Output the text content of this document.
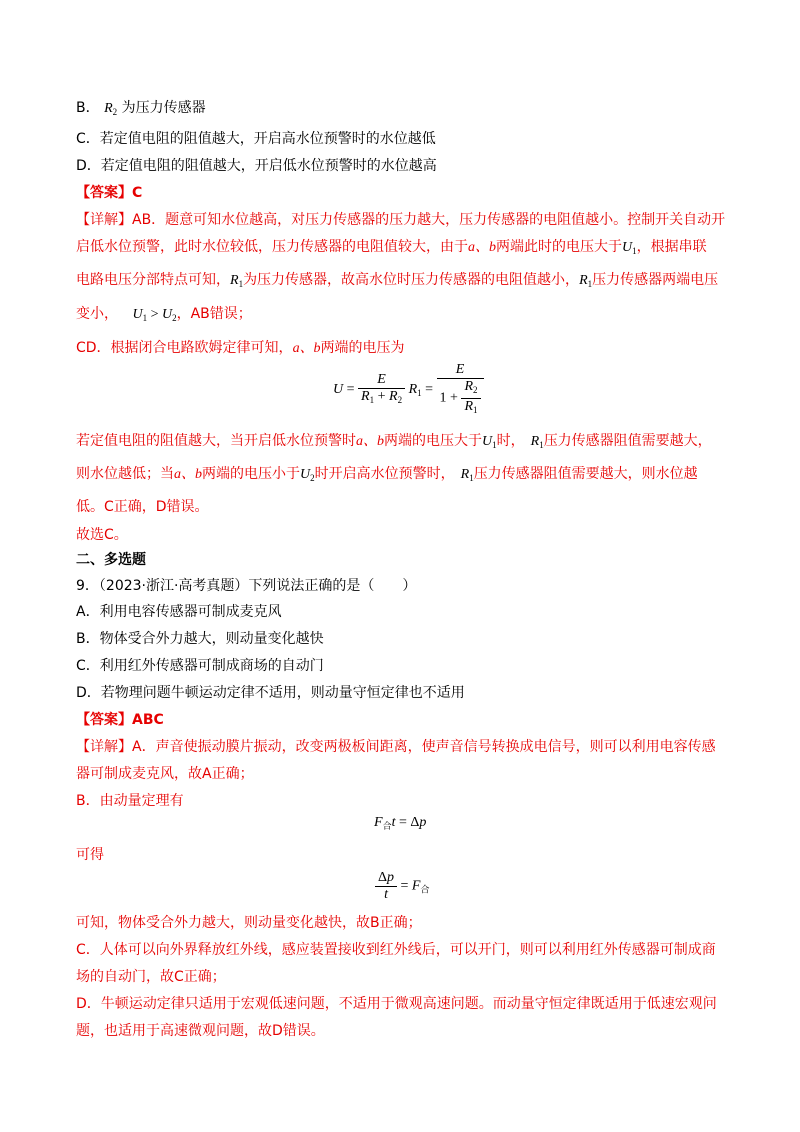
B． $R_2$ 为压力传感器
C．若定值电阻的阻值越大，开启高水位预警时的水位越低
D．若定值电阻的阻值越大，开启低水位预警时的水位越高
【答案】C
【详解】AB．题意可知水位越高，对压力传感器的压力越大，压力传感器的电阻值越小。控制开关自动开
启低水位预警，此时水位较低，压力传感器的电阻值较大，由于a、b两端此时的电压大于$U_1$，根据串联
电路电压分部特点可知，$R_1$为压力传感器，故高水位时压力传感器的电阻值越小，$R_1$压力传感器两端电压
变小， $U_1 > U_2$，AB错误；
CD．根据闭合电路欧姆定律可知，a、b两端的电压为
$U = \frac{E}{R_1 + R_2} R_1 = \frac{E}{1 + \frac{R_2}{R_1}}$
若定值电阻的阻值越大，当开启低水位预警时a、b两端的电压大于$U_1$时， $R_1$压力传感器阻值需要越大，
则水位越低；当a、b两端的电压小于$U_2$时开启高水位预警时， $R_1$压力传感器阻值需要越大，则水位越
低。C正确，D错误。
故选C。
二、多选题
9．（2023·浙江·高考真题）下列说法正确的是（　　）
A．利用电容传感器可制成麦克风
B．物体受合外力越大，则动量变化越快
C．利用红外传感器可制成商场的自动门
D．若物理问题牛顿运动定律不适用，则动量守恒定律也不适用
【答案】ABC
【详解】A．声音使振动膜片振动，改变两极板间距离，使声音信号转换成电信号，则可以利用电容传感
器可制成麦克风，故A正确；
B．由动量定理有
$F_合t = \Delta p$
可得
$\frac{\Delta p}{t} = F_合$
可知，物体受合外力越大，则动量变化越快，故B正确；
C．人体可以向外界释放红外线，感应装置接收到红外线后，可以开门，则可以利用红外传感器可制成商
场的自动门，故C正确；
D．牛顿运动定律只适用于宏观低速问题，不适用于微观高速问题。而动量守恒定律既适用于低速宏观问
题，也适用于高速微观问题，故D错误。
